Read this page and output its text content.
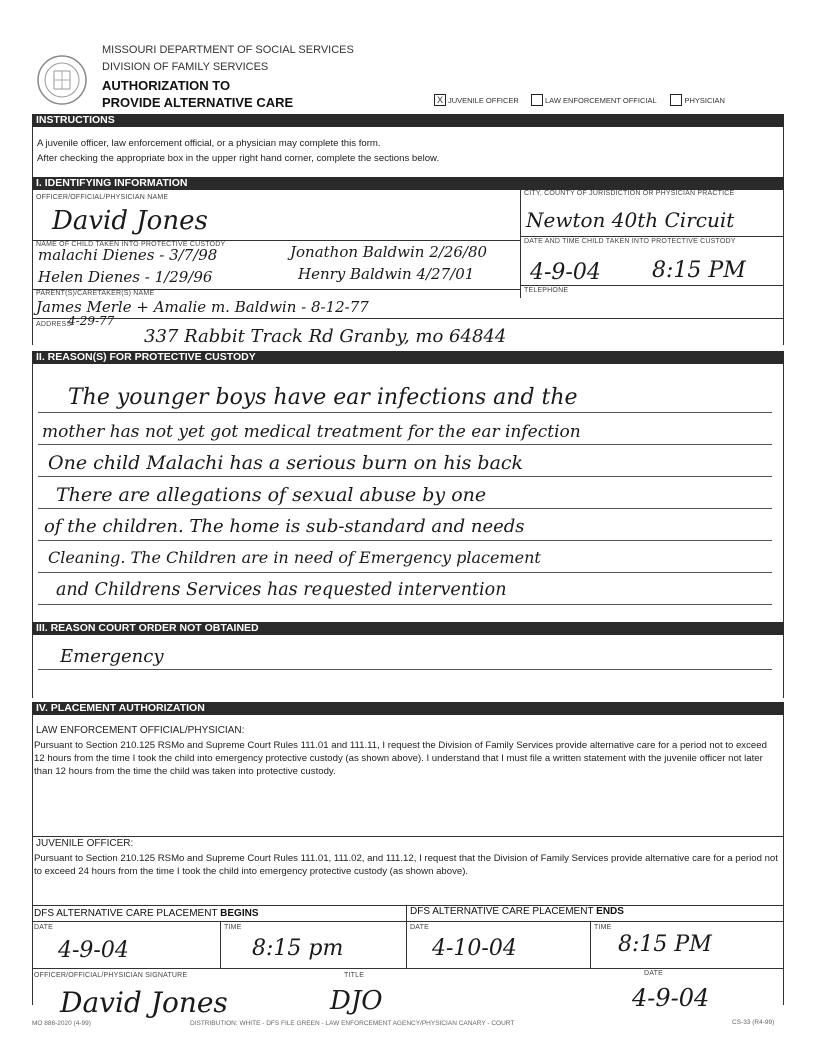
MISSOURI DEPARTMENT OF SOCIAL SERVICES
DIVISION OF FAMILY SERVICES
AUTHORIZATION TO
PROVIDE ALTERNATIVE CARE	X JUVENILE OFFICER	LAW ENFORCEMENT OFFICIAL	PHYSICIAN
INSTRUCTIONS
A juvenile officer, law enforcement official, or a physician may complete this form.
After checking the appropriate box in the upper right hand corner, complete the sections below.
I. IDENTIFYING INFORMATION
OFFICER/OFFICIAL/PHYSICIAN NAME
David Jones
CITY, COUNTY OF JURISDICTION OR PHYSICIAN PRACTICE
Newton 40th Circuit
NAME OF CHILD TAKEN INTO PROTECTIVE CUSTODY
malachi Dienes - 3/7/98	Jonathon Baldwin 2/26/80
Helen Dienes - 1/29/96	Henry Baldwin 4/27/01
DATE AND TIME CHILD TAKEN INTO PROTECTIVE CUSTODY
4-9-04 8:15 PM
TELEPHONE
PARENT(S)/CARETAKER(S) NAME
James Merle + Amalie m. Baldwin - 8-12-77
ADDRESS
4-29-77
337 Rabbit Track Rd Granby, mo 64844
II. REASON(S) FOR PROTECTIVE CUSTODY
The younger boys have ear infections and the
mother has not yet got medical treatment for the ear infection
One child Malachi has a serious burn on his back
There are allegations of sexual abuse by one
of the children. The home is sub-standard and needs
Cleaning. The Children are in need of Emergency placement
and Childrens Services has requested intervention
III. REASON COURT ORDER NOT OBTAINED
Emergency
IV. PLACEMENT AUTHORIZATION
LAW ENFORCEMENT OFFICIAL/PHYSICIAN:
Pursuant to Section 210.125 RSMo and Supreme Court Rules 111.01 and 111.11, I request the Division of Family Services provide alternative care for a period not to exceed 12 hours from the time I took the child into emergency protective custody (as shown above). I understand that I must file a written statement with the juvenile officer not later than 12 hours from the time the child was taken into protective custody.
JUVENILE OFFICER:
Pursuant to Section 210.125 RSMo and Supreme Court Rules 111.01, 111.02, and 111.12, I request that the Division of Family Services provide alternative care for a period not to exceed 24 hours from the time I took the child into emergency protective custody (as shown above).
DFS ALTERNATIVE CARE PLACEMENT BEGINS	DFS ALTERNATIVE CARE PLACEMENT ENDS
DATE	TIME	DATE	TIME
4-9-04	8:15 pm	4-10-04	8:15 PM
OFFICER/OFFICIAL/PHYSICIAN SIGNATURE	TITLE	DATE
David Jones	DJO	4-9-04
MO 886-2020 (4-99)	DISTRIBUTION: WHITE - DFS FILE GREEN - LAW ENFORCEMENT AGENCY/PHYSICIAN CANARY - COURT	CS-33 (R4-99)
